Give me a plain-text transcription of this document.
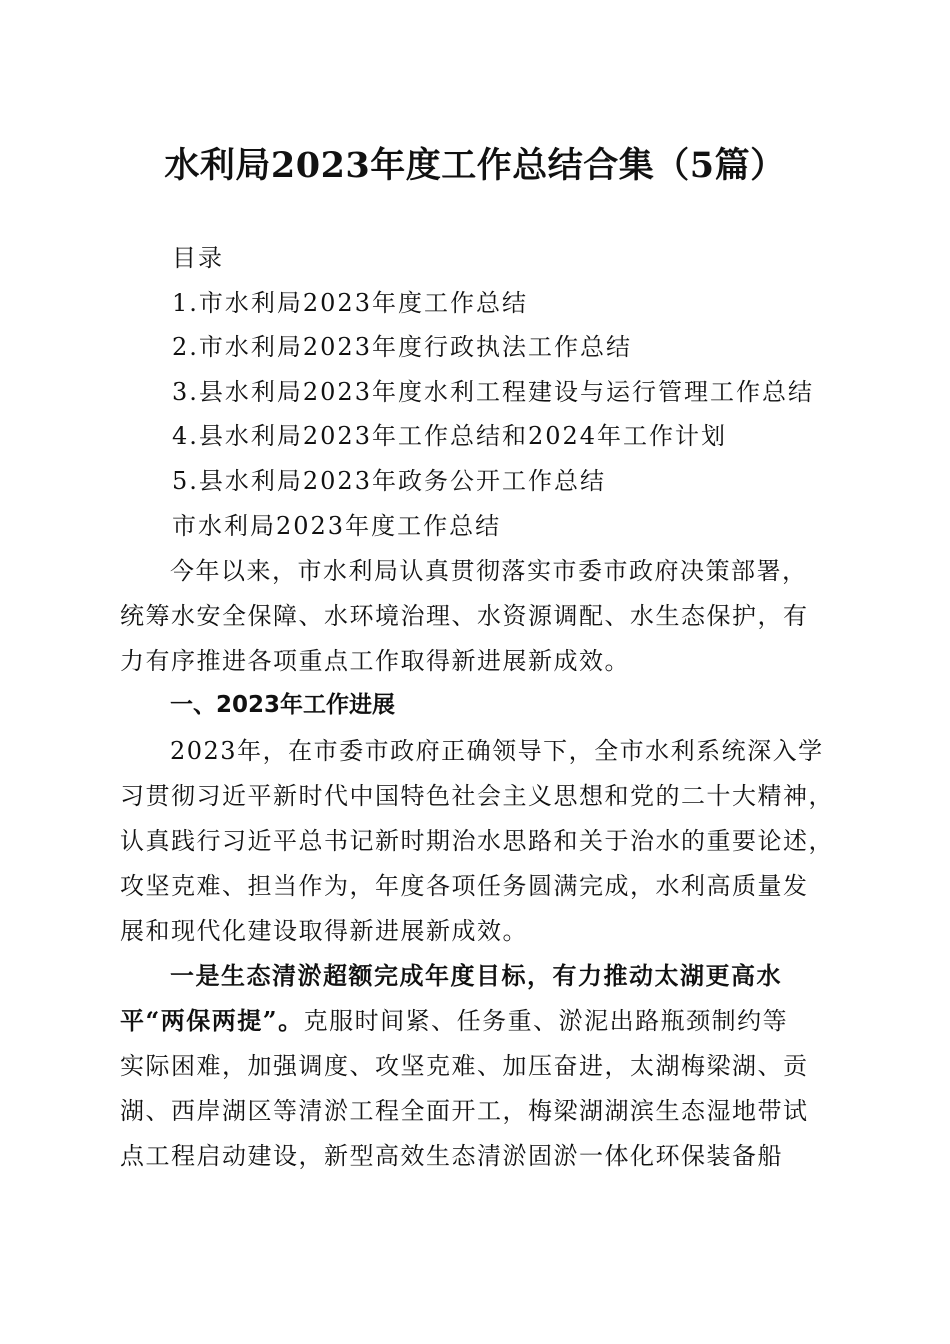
水利局2023年度工作总结合集（5篇）
目录
1.市水利局2023年度工作总结
2.市水利局2023年度行政执法工作总结
3.县水利局2023年度水利工程建设与运行管理工作总结
4.县水利局2023年工作总结和2024年工作计划
5.县水利局2023年政务公开工作总结
市水利局2023年度工作总结
今年以来，市水利局认真贯彻落实市委市政府决策部署，
统筹水安全保障、水环境治理、水资源调配、水生态保护，有
力有序推进各项重点工作取得新进展新成效。
一、2023年工作进展
2023年，在市委市政府正确领导下，全市水利系统深入学
习贯彻习近平新时代中国特色社会主义思想和党的二十大精神，
认真践行习近平总书记新时期治水思路和关于治水的重要论述，
攻坚克难、担当作为，年度各项任务圆满完成，水利高质量发
展和现代化建设取得新进展新成效。
一是生态清淤超额完成年度目标，有力推动太湖更高水
平“两保两提”。克服时间紧、任务重、淤泥出路瓶颈制约等
实际困难，加强调度、攻坚克难、加压奋进，太湖梅梁湖、贡
湖、西岸湖区等清淤工程全面开工，梅梁湖湖滨生态湿地带试
点工程启动建设，新型高效生态清淤固淤一体化环保装备船
